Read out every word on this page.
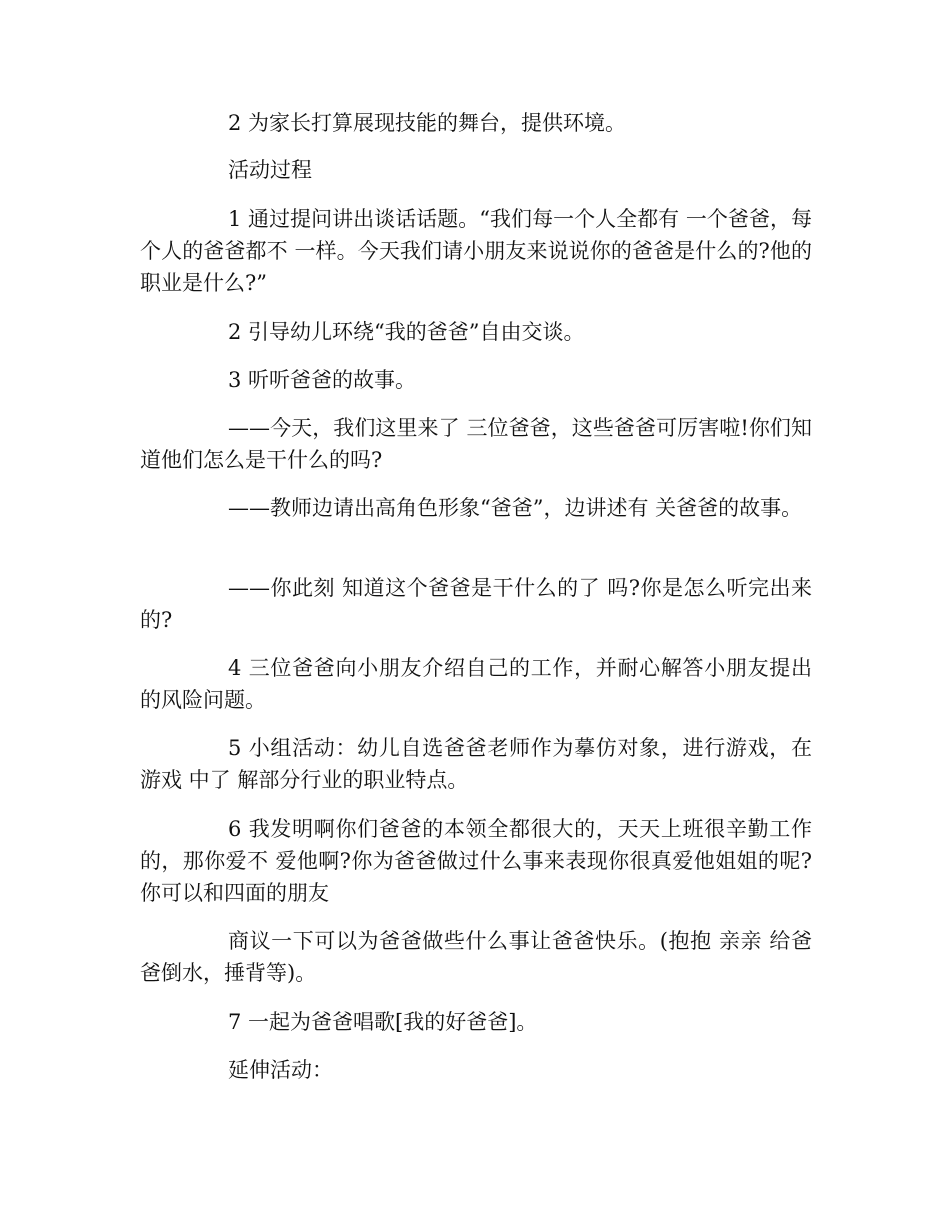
2 为家长打算展现技能的舞台，提供环境。

活动过程

1 通过提问讲出谈话话题。“我们每一个人全都有 一个爸爸，每个人的爸爸都不 一样。今天我们请小朋友来说说你的爸爸是什么的?他的职业是什么?”

2 引导幼儿环绕“我的爸爸”自由交谈。

3 听听爸爸的故事。

——今天，我们这里来了 三位爸爸，这些爸爸可厉害啦!你们知道他们怎么是干什么的吗?

——教师边请出高角色形象“爸爸”，边讲述有 关爸爸的故事。

——你此刻 知道这个爸爸是干什么的了 吗?你是怎么听完出来的?

4 三位爸爸向小朋友介绍自己的工作，并耐心解答小朋友提出的风险问题。

5 小组活动：幼儿自选爸爸老师作为摹仿对象，进行游戏，在 游戏 中了 解部分行业的职业特点。

6 我发明啊你们爸爸的本领全都很大的，天天上班很辛勤工作的，那你爱不 爱他啊?你为爸爸做过什么事来表现你很真爱他姐姐的呢?你可以和四面的朋友

商议一下可以为爸爸做些什么事让爸爸快乐。(抱抱 亲亲 给爸爸倒水，捶背等)。

7 一起为爸爸唱歌[我的好爸爸]。

延伸活动：
